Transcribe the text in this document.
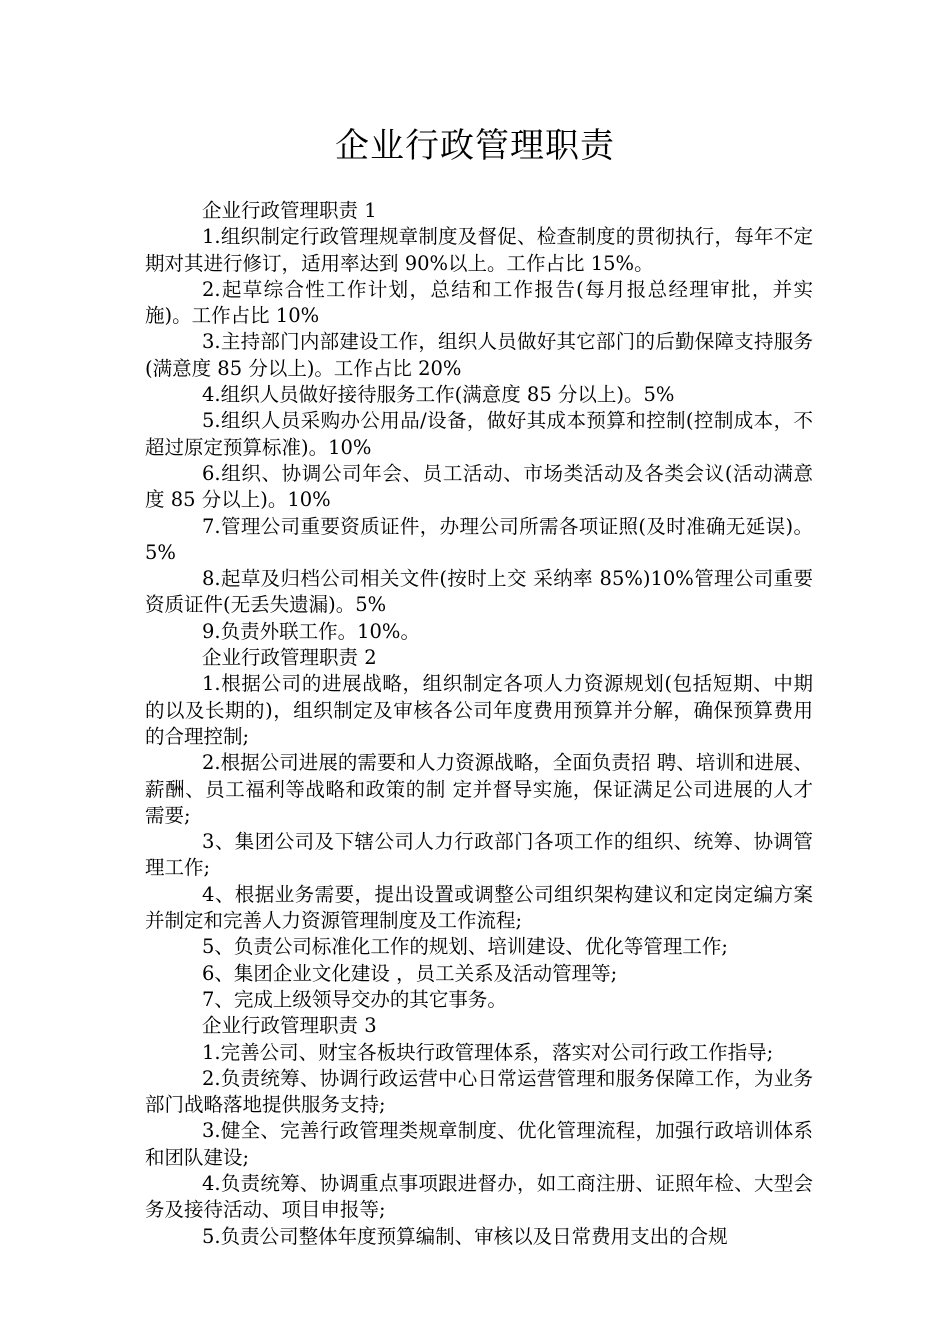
企业行政管理职责

企业行政管理职责 1

1.组织制定行政管理规章制度及督促、检查制度的贯彻执行，每年不定期对其进行修订，适用率达到 90%以上。工作占比 15%。

2.起草综合性工作计划，总结和工作报告(每月报总经理审批，并实施)。工作占比 10%

3.主持部门内部建设工作，组织人员做好其它部门的后勤保障支持服务(满意度 85 分以上)。工作占比 20%

4.组织人员做好接待服务工作(满意度 85 分以上)。5%

5.组织人员采购办公用品/设备，做好其成本预算和控制(控制成本，不超过原定预算标准)。10%

6.组织、协调公司年会、员工活动、市场类活动及各类会议(活动满意度 85 分以上)。10%

7.管理公司重要资质证件，办理公司所需各项证照(及时准确无延误)。5%

8.起草及归档公司相关文件(按时上交 采纳率 85%)10%管理公司重要资质证件(无丢失遗漏)。5%

9.负责外联工作。10%。

企业行政管理职责 2

1.根据公司的进展战略，组织制定各项人力资源规划(包括短期、中期的以及长期的)，组织制定及审核各公司年度费用预算并分解，确保预算费用的合理控制;

2.根据公司进展的需要和人力资源战略，全面负责招 聘、培训和进展、薪酬、员工福利等战略和政策的制 定并督导实施，保证满足公司进展的人才需要;

3、集团公司及下辖公司人力行政部门各项工作的组织、统筹、协调管理工作;

4、根据业务需要，提出设置或调整公司组织架构建议和定岗定编方案并制定和完善人力资源管理制度及工作流程;

5、负责公司标准化工作的规划、培训建设、优化等管理工作;

6、集团企业文化建设 ，员工关系及活动管理等;

7、完成上级领导交办的其它事务。

企业行政管理职责 3

1.完善公司、财宝各板块行政管理体系，落实对公司行政工作指导;

2.负责统筹、协调行政运营中心日常运营管理和服务保障工作，为业务部门战略落地提供服务支持;

3.健全、完善行政管理类规章制度、优化管理流程，加强行政培训体系和团队建设;

4.负责统筹、协调重点事项跟进督办，如工商注册、证照年检、大型会务及接待活动、项目申报等;

5.负责公司整体年度预算编制、审核以及日常费用支出的合规
